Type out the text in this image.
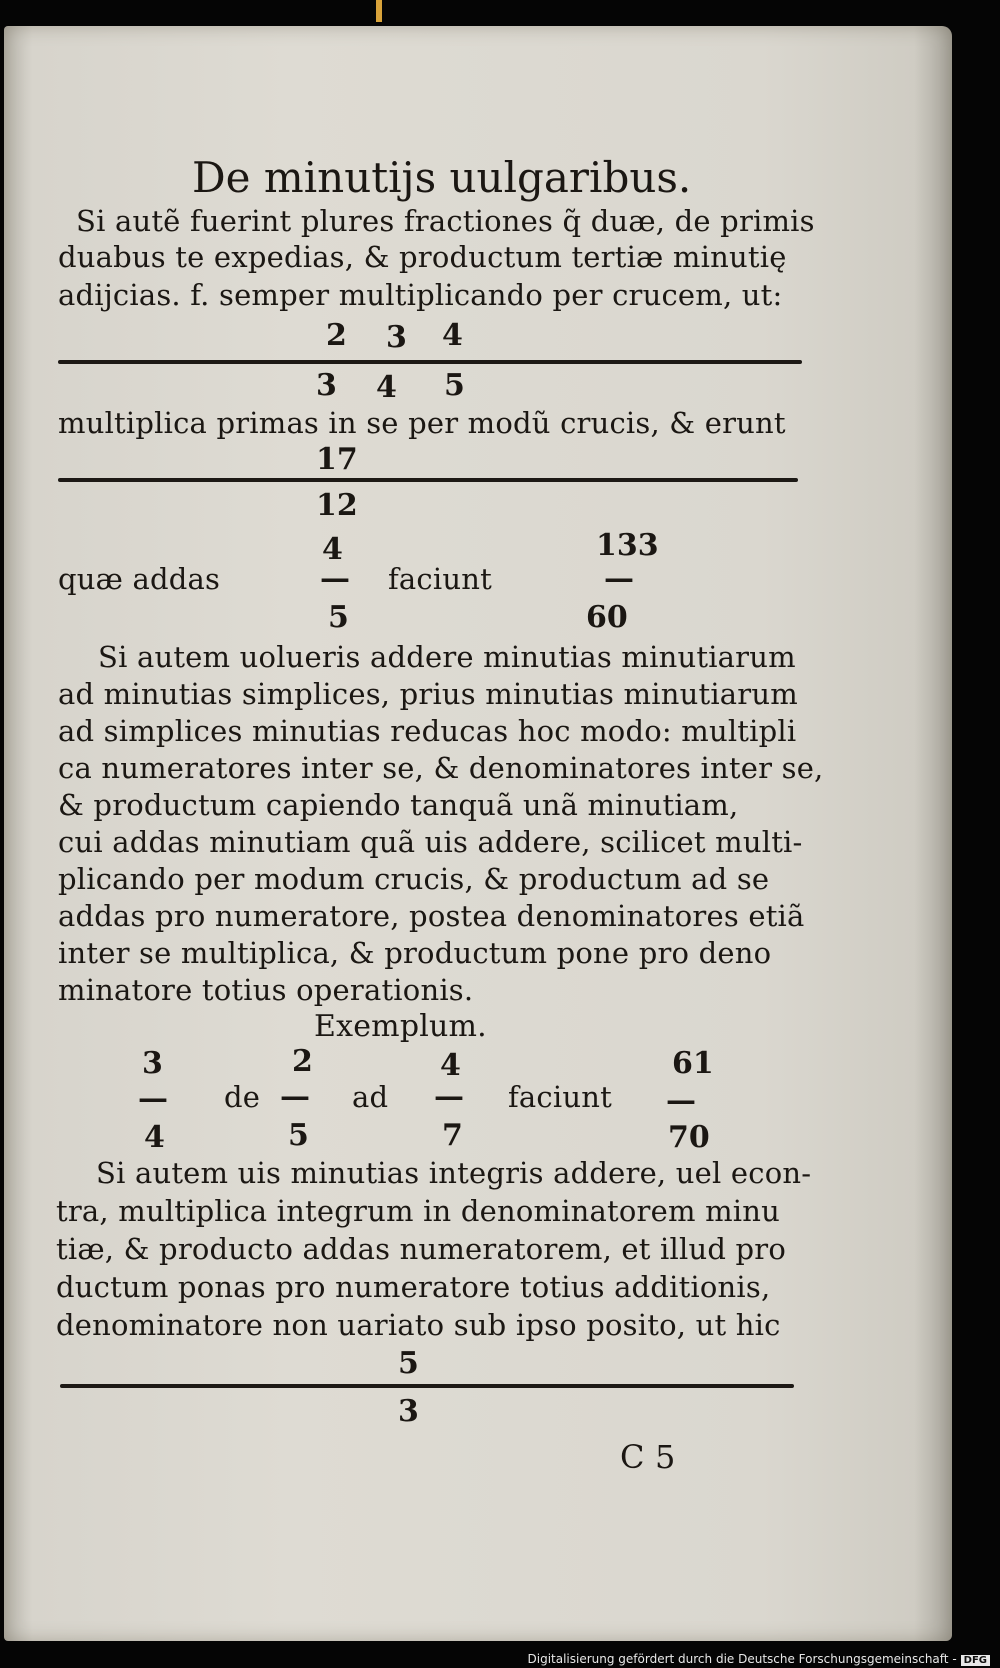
De minutijs uulgaribus.
Si autẽ fuerint plures fractiones q̃ duæ, de primis
duabus te expedias, & productum tertiæ minutię
adijcias. f. semper multiplicando per crucem, ut:
2 3 4
3 4 5
multiplica primas in se per modũ crucis, & erunt
17
12
4	133
quæ addas	— faciunt	—
5	60
Si autem uolueris addere minutias minutiarum
ad minutias simplices, prius minutias minutiarum
ad simplices minutias reducas hoc modo: multipli
ca numeratores inter se, & denominatores inter se,
& productum capiendo tanquã unã minutiam,
cui addas minutiam quã uis addere, scilicet multi-
plicando per modum crucis, & productum ad se
addas pro numeratore, postea denominatores etiã
inter se multiplica, & productum pone pro deno
minatore totius operationis.
Exemplum.
3	2	4	61
— de — ad — faciunt —
4	5	7	70
Si autem uis minutias integris addere, uel econ-
tra, multiplica integrum in denominatorem minu
tiæ, & producto addas numeratorem, et illud pro
ductum ponas pro numeratore totius additionis,
denominatore non uariato sub ipso posito, ut hic
5
3
C 5
Digitalisierung gefördert durch die Deutsche Forschungsgemeinschaft - DFG
